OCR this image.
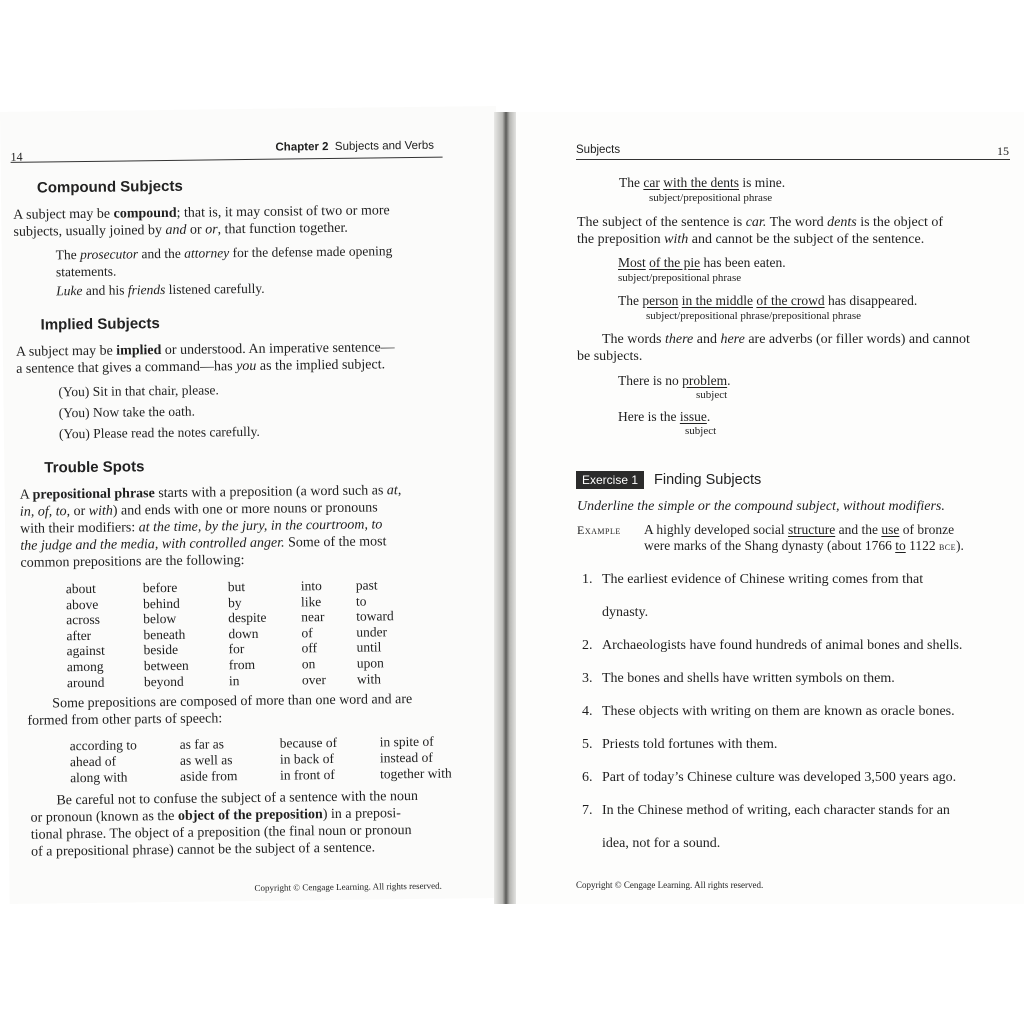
14
Chapter 2 Subjects and Verbs
Compound Subjects
A subject may be compound; that is, it may consist of two or more
subjects, usually joined by and or or, that function together.
The prosecutor and the attorney for the defense made opening
statements.
Luke and his friends listened carefully.
Implied Subjects
A subject may be implied or understood. An imperative sentence—
a sentence that gives a command—has you as the implied subject.
(You) Sit in that chair, please.
(You) Now take the oath.
(You) Please read the notes carefully.
Trouble Spots
A prepositional phrase starts with a preposition (a word such as at,
in, of, to, or with) and ends with one or more nouns or pronouns
with their modifiers: at the time, by the jury, in the courtroom, to
the judge and the media, with controlled anger. Some of the most
common prepositions are the following:
about
above
across
after
against
among
around
before
behind
below
beneath
beside
between
beyond
but
by
despite
down
for
from
in
into
like
near
of
off
on
over
past
to
toward
under
until
upon
with
Some prepositions are composed of more than one word and are
formed from other parts of speech:
according to
ahead of
along with
as far as
as well as
aside from
because of
in back of
in front of
in spite of
instead of
together with
Be careful not to confuse the subject of a sentence with the noun
or pronoun (known as the object of the preposition) in a preposi-
tional phrase. The object of a preposition (the final noun or pronoun
of a prepositional phrase) cannot be the subject of a sentence.
Copyright © Cengage Learning. All rights reserved.
Subjects	15
The car with the dents is mine.
subject/prepositional phrase
The subject of the sentence is car. The word dents is the object of
the preposition with and cannot be the subject of the sentence.
Most of the pie has been eaten.
subject/prepositional phrase
The person in the middle of the crowd has disappeared.
subject/prepositional phrase/prepositional phrase
The words there and here are adverbs (or filler words) and cannot
be subjects.
There is no problem.
subject
Here is the issue.
subject
Exercise 1 Finding Subjects
Underline the simple or the compound subject, without modifiers.
Example A highly developed social structure and the use of bronze
were marks of the Shang dynasty (about 1766 to 1122 bce).
1. The earliest evidence of Chinese writing comes from that
dynasty.
2. Archaeologists have found hundreds of animal bones and shells.
3. The bones and shells have written symbols on them.
4. These objects with writing on them are known as oracle bones.
5. Priests told fortunes with them.
6. Part of today’s Chinese culture was developed 3,500 years ago.
7. In the Chinese method of writing, each character stands for an
idea, not for a sound.
Copyright © Cengage Learning. All rights reserved.
